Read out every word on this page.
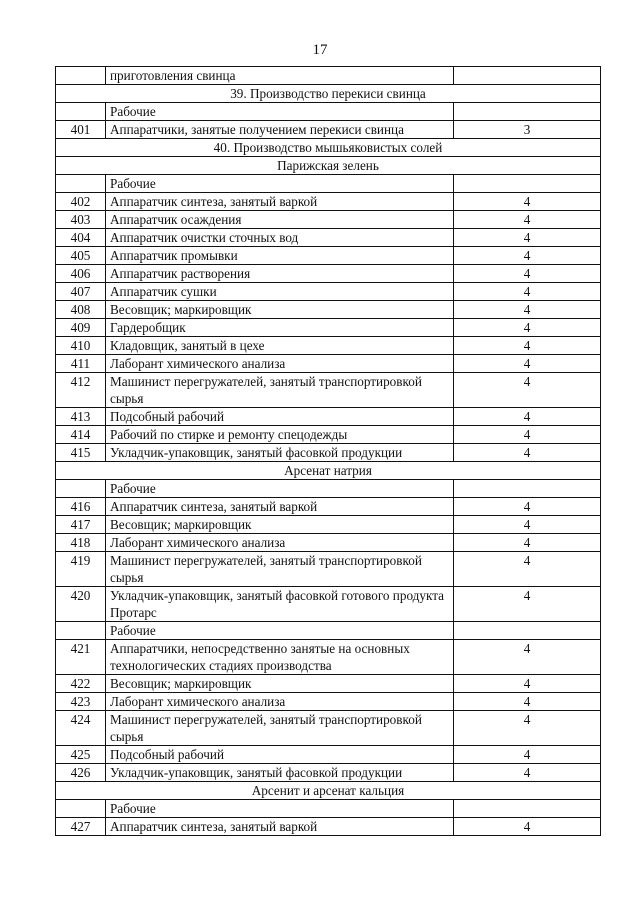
17
	приготовления свинца	
39. Производство перекиси свинца		
	Рабочие	
401	Аппаратчики, занятые получением перекиси свинца	3
40. Производство мышьяковистых солей		
Парижская зелень		
	Рабочие	
402	Аппаратчик синтеза, занятый варкой	4
403	Аппаратчик осаждения	4
404	Аппаратчик очистки сточных вод	4
405	Аппаратчик промывки	4
406	Аппаратчик растворения	4
407	Аппаратчик сушки	4
408	Весовщик; маркировщик	4
409	Гардеробщик	4
410	Кладовщик, занятый в цехе	4
411	Лаборант химического анализа	4
412	Машинист перегружателей, занятый транспортировкой сырья	4
413	Подсобный рабочий	4
414	Рабочий по стирке и ремонту спецодежды	4
415	Укладчик-упаковщик, занятый фасовкой продукции	4
Арсенат натрия		
	Рабочие	
416	Аппаратчик синтеза, занятый варкой	4
417	Весовщик; маркировщик	4
418	Лаборант химического анализа	4
419	Машинист перегружателей, занятый транспортировкой сырья	4
420	Укладчик-упаковщик, занятый фасовкой готового продукта Протарс	4
	Рабочие	
421	Аппаратчики, непосредственно занятые на основных технологических стадиях производства	4
422	Весовщик; маркировщик	4
423	Лаборант химического анализа	4
424	Машинист перегружателей, занятый транспортировкой сырья	4
425	Подсобный рабочий	4
426	Укладчик-упаковщик, занятый фасовкой продукции	4
Арсенит и арсенат кальция		
	Рабочие	
427	Аппаратчик синтеза, занятый варкой	4
